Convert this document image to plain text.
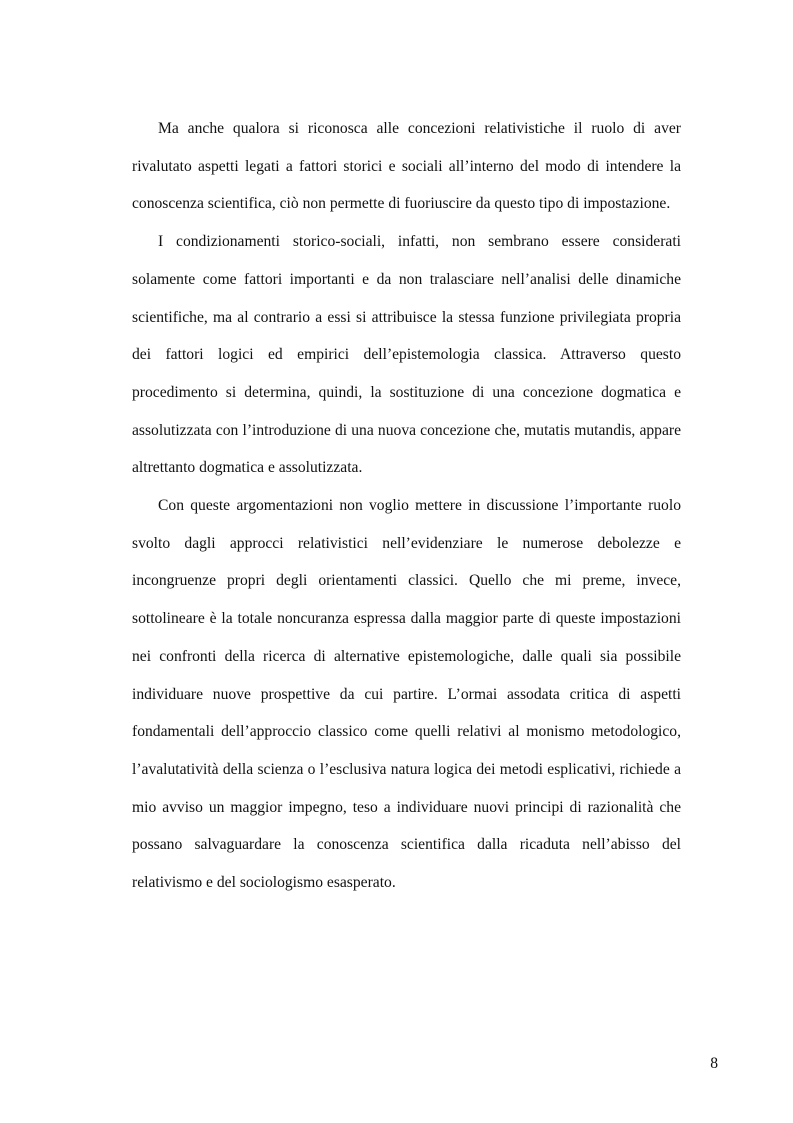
Ma anche qualora si riconosca alle concezioni relativistiche il ruolo di aver rivalutato aspetti legati a fattori storici e sociali all’interno del modo di intendere la conoscenza scientifica, ciò non permette di fuoriuscire da questo tipo di impostazione.

I condizionamenti storico-sociali, infatti, non sembrano essere considerati solamente come fattori importanti e da non tralasciare nell’analisi delle dinamiche scientifiche, ma al contrario a essi si attribuisce la stessa funzione privilegiata propria dei fattori logici ed empirici dell’epistemologia classica. Attraverso questo procedimento si determina, quindi, la sostituzione di una concezione dogmatica e assolutizzata con l’introduzione di una nuova concezione che, mutatis mutandis, appare altrettanto dogmatica e assolutizzata.

Con queste argomentazioni non voglio mettere in discussione l’importante ruolo svolto dagli approcci relativistici nell’evidenziare le numerose debolezze e incongruenze propri degli orientamenti classici. Quello che mi preme, invece, sottolineare è la totale noncuranza espressa dalla maggior parte di queste impostazioni nei confronti della ricerca di alternative epistemologiche, dalle quali sia possibile individuare nuove prospettive da cui partire. L’ormai assodata critica di aspetti fondamentali dell’approccio classico come quelli relativi al monismo metodologico, l’avalutatività della scienza o l’esclusiva natura logica dei metodi esplicativi, richiede a mio avviso un maggior impegno, teso a individuare nuovi principi di razionalità che possano salvaguardare la conoscenza scientifica dalla ricaduta nell’abisso del relativismo e del sociologismo esasperato.

8
